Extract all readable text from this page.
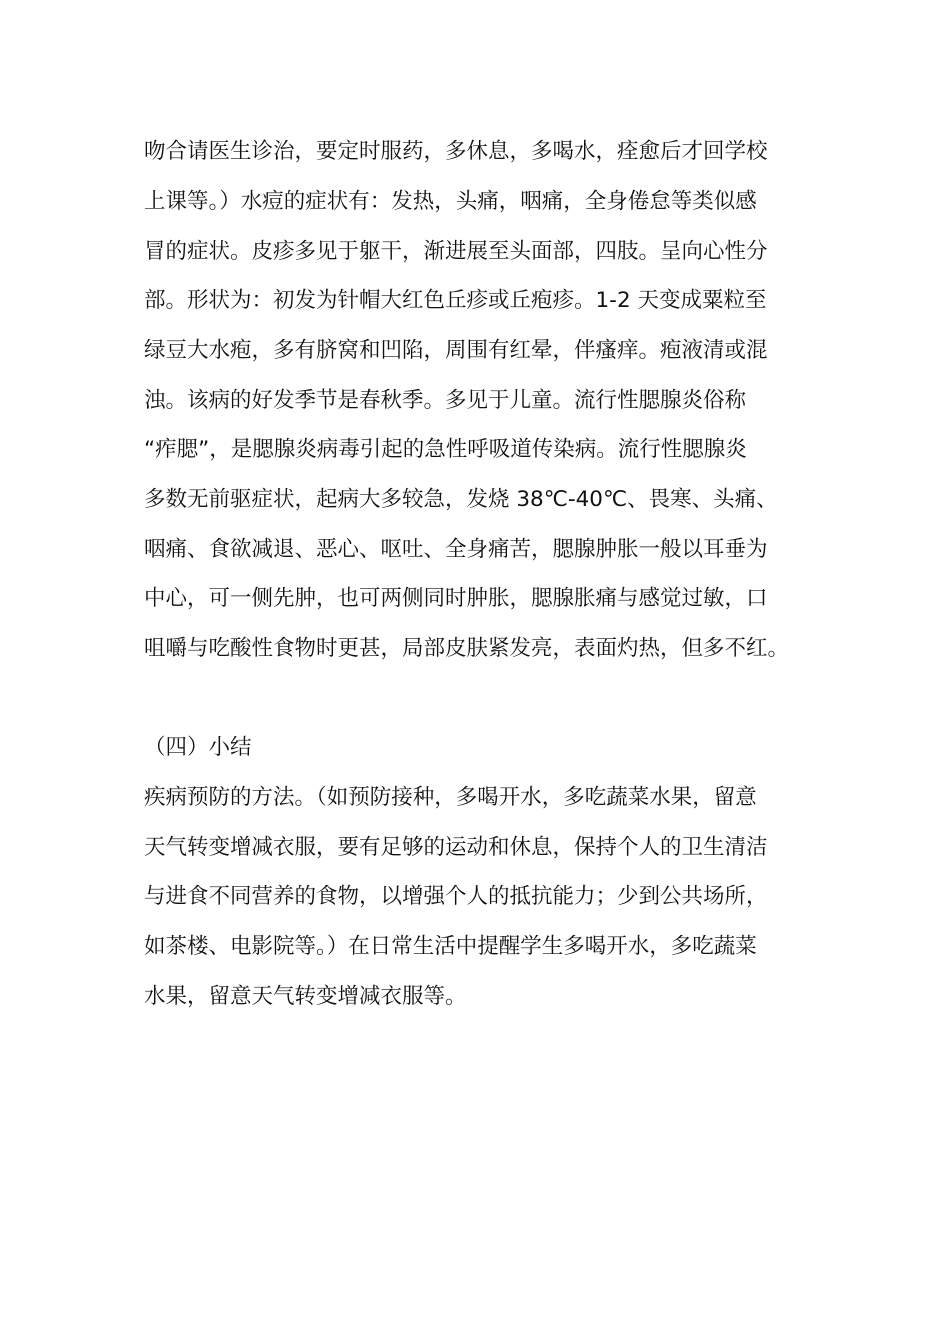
吻合请医生诊治，要定时服药，多休息，多喝水，痊愈后才回学校
上课等。）水痘的症状有：发热，头痛，咽痛，全身倦怠等类似感
冒的症状。皮疹多见于躯干，渐进展至头面部，四肢。呈向心性分
部。形状为：初发为针帽大红色丘疹或丘疱疹。1-2 天变成粟粒至
绿豆大水疱，多有脐窝和凹陷，周围有红晕，伴瘙痒。疱液清或混
浊。该病的好发季节是春秋季。多见于儿童。流行性腮腺炎俗称
“痄腮”，是腮腺炎病毒引起的急性呼吸道传染病。流行性腮腺炎
多数无前驱症状，起病大多较急，发烧 38℃-40℃、畏寒、头痛、
咽痛、食欲减退、恶心、呕吐、全身痛苦，腮腺肿胀一般以耳垂为
中心，可一侧先肿，也可两侧同时肿胀，腮腺胀痛与感觉过敏，口
咀嚼与吃酸性食物时更甚，局部皮肤紧发亮，表面灼热，但多不红。
（四）小结
疾病预防的方法。（如预防接种，多喝开水，多吃蔬菜水果，留意
天气转变增减衣服，要有足够的运动和休息，保持个人的卫生清洁
与进食不同营养的食物，以增强个人的抵抗能力；少到公共场所，
如茶楼、电影院等。）在日常生活中提醒学生多喝开水，多吃蔬菜
水果，留意天气转变增减衣服等。
